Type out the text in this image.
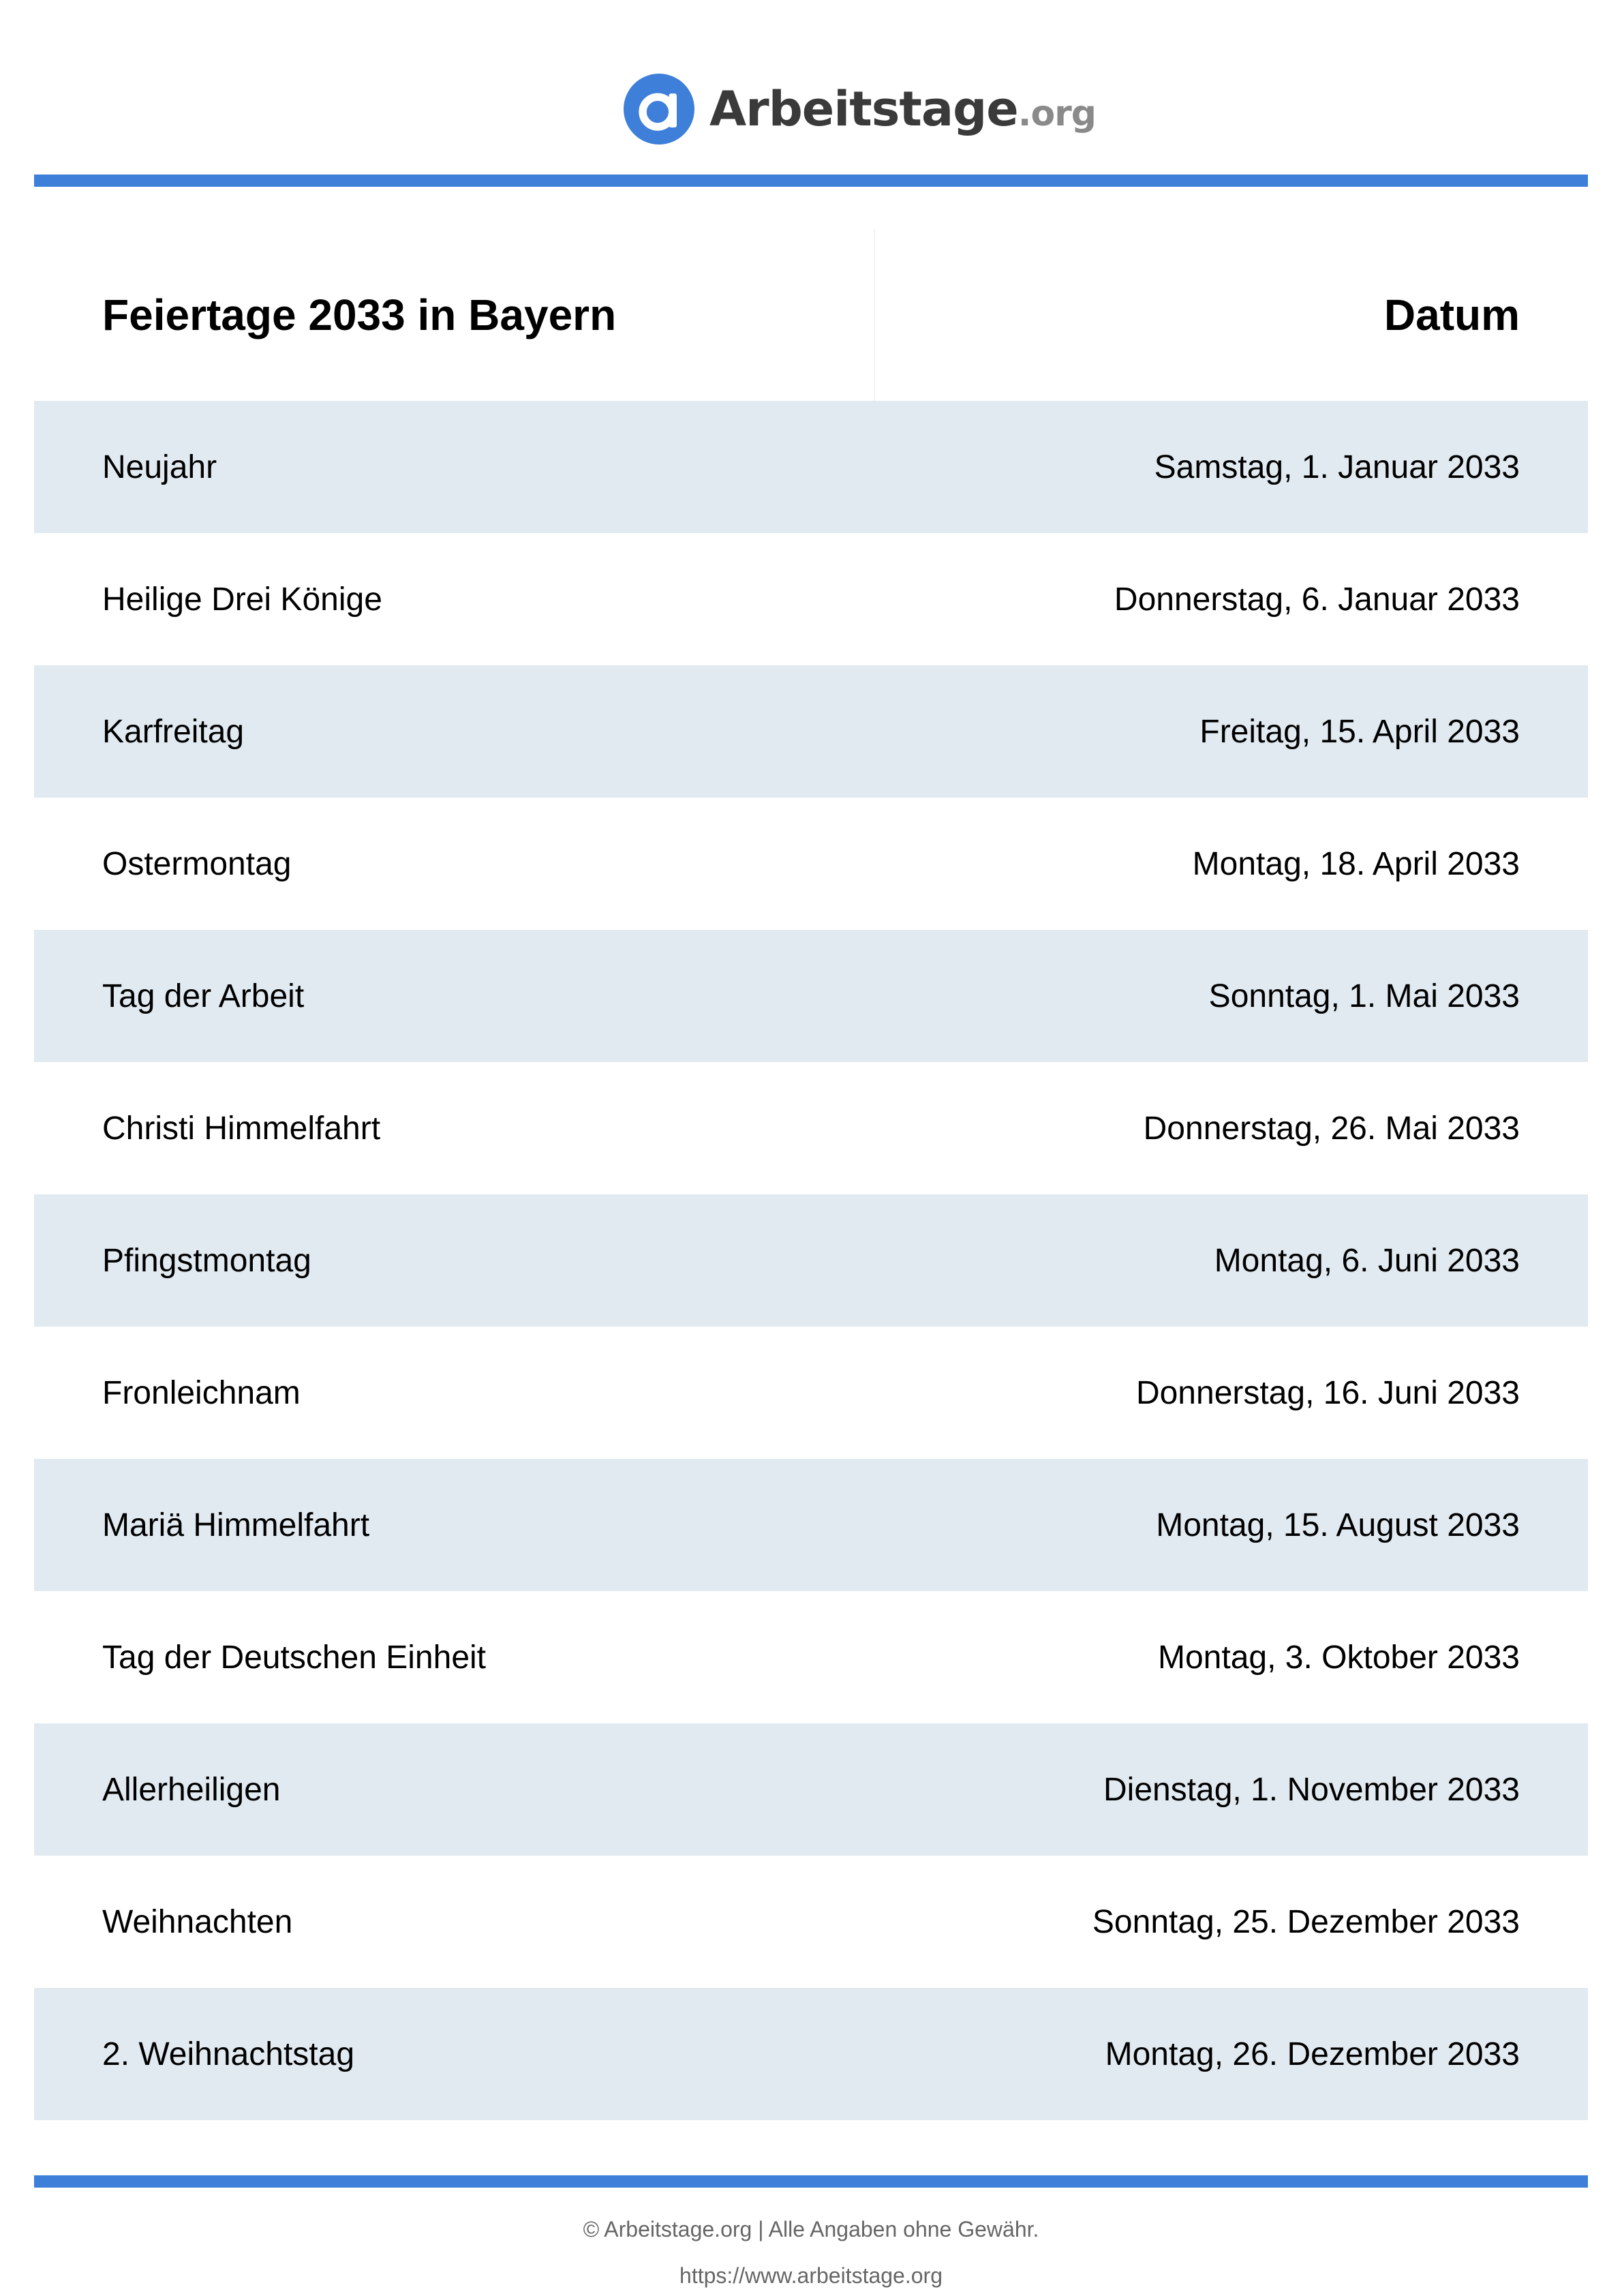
Arbeitstage .org
Feiertage 2033 in Bayern	Datum
Neujahr	Samstag, 1. Januar 2033
Heilige Drei Könige	Donnerstag, 6. Januar 2033
Karfreitag	Freitag, 15. April 2033
Ostermontag	Montag, 18. April 2033
Tag der Arbeit	Sonntag, 1. Mai 2033
Christi Himmelfahrt	Donnerstag, 26. Mai 2033
Pfingstmontag	Montag, 6. Juni 2033
Fronleichnam	Donnerstag, 16. Juni 2033
Mariä Himmelfahrt	Montag, 15. August 2033
Tag der Deutschen Einheit	Montag, 3. Oktober 2033
Allerheiligen	Dienstag, 1. November 2033
Weihnachten	Sonntag, 25. Dezember 2033
2. Weihnachtstag	Montag, 26. Dezember 2033
© Arbeitstage.org | Alle Angaben ohne Gewähr.
https://www.arbeitstage.org
